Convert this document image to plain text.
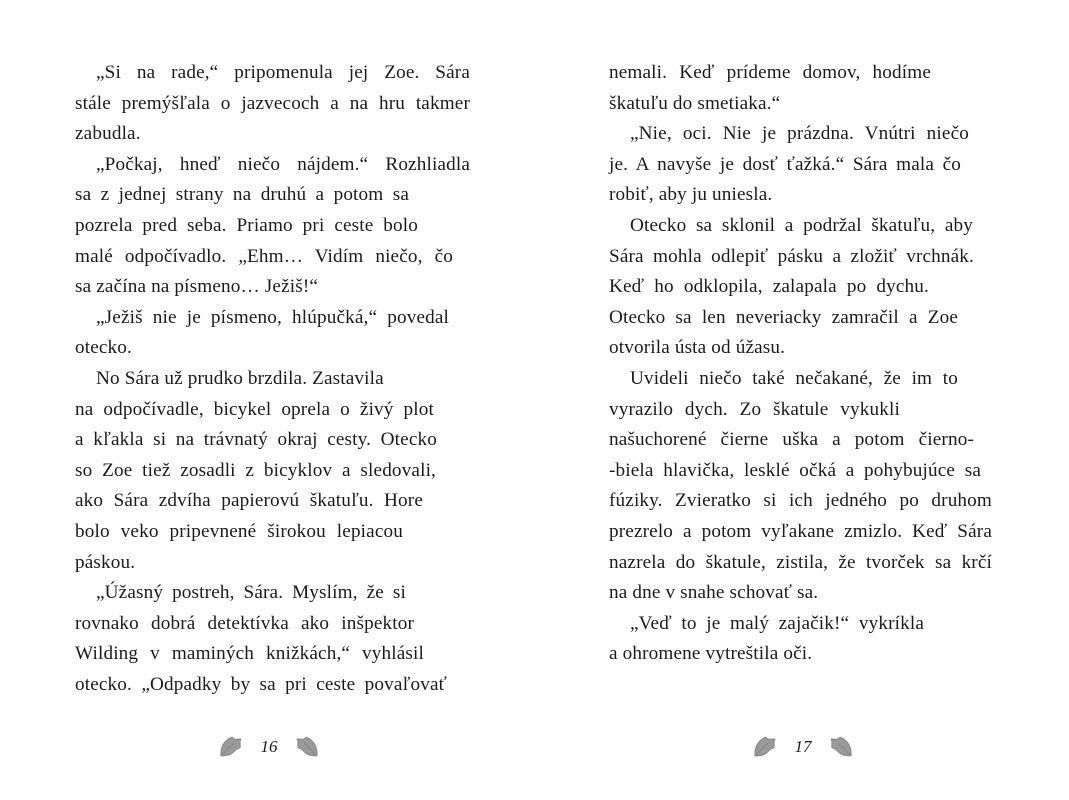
„Si na rade,“ pripomenula jej Zoe. Sára
stále premýšľala o jazvecoch a na hru takmer
zabudla.
„Počkaj, hneď niečo nájdem.“ Rozhliadla
sa z jednej strany na druhú a potom sa
pozrela pred seba. Priamo pri ceste bolo
malé odpočívadlo. „Ehm… Vidím niečo, čo
sa začína na písmeno… Ježiš!“
„Ježiš nie je písmeno, hlúpučká,“ povedal
otecko.
No Sára už prudko brzdila. Zastavila
na odpočívadle, bicykel oprela o živý plot
a kľakla si na trávnatý okraj cesty. Otecko
so Zoe tiež zosadli z bicyklov a sledovali,
ako Sára zdvíha papierovú škatuľu. Hore
bolo veko pripevnené širokou lepiacou
páskou.
„Úžasný postreh, Sára. Myslím, že si
rovnako dobrá detektívka ako inšpektor
Wilding v maminých knižkách,“ vyhlásil
otecko. „Odpadky by sa pri ceste povaľovať
16
nemali. Keď prídeme domov, hodíme
škatuľu do smetiaka.“
„Nie, oci. Nie je prázdna. Vnútri niečo
je. A navyše je dosť ťažká.“ Sára mala čo
robiť, aby ju uniesla.
Otecko sa sklonil a podržal škatuľu, aby
Sára mohla odlepiť pásku a zložiť vrchnák.
Keď ho odklopila, zalapala po dychu.
Otecko sa len neveriacky zamračil a Zoe
otvorila ústa od úžasu.
Uvideli niečo také nečakané, že im to
vyrazilo dych. Zo škatule vykukli
našuchorené čierne uška a potom čierno-
-biela hlavička, lesklé očká a pohybujúce sa
fúziky. Zvieratko si ich jedného po druhom
prezrelo a potom vyľakane zmizlo. Keď Sára
nazrela do škatule, zistila, že tvorček sa krčí
na dne v snahe schovať sa.
„Veď to je malý zajačik!“ vykríkla
a ohromene vytreštila oči.
17
